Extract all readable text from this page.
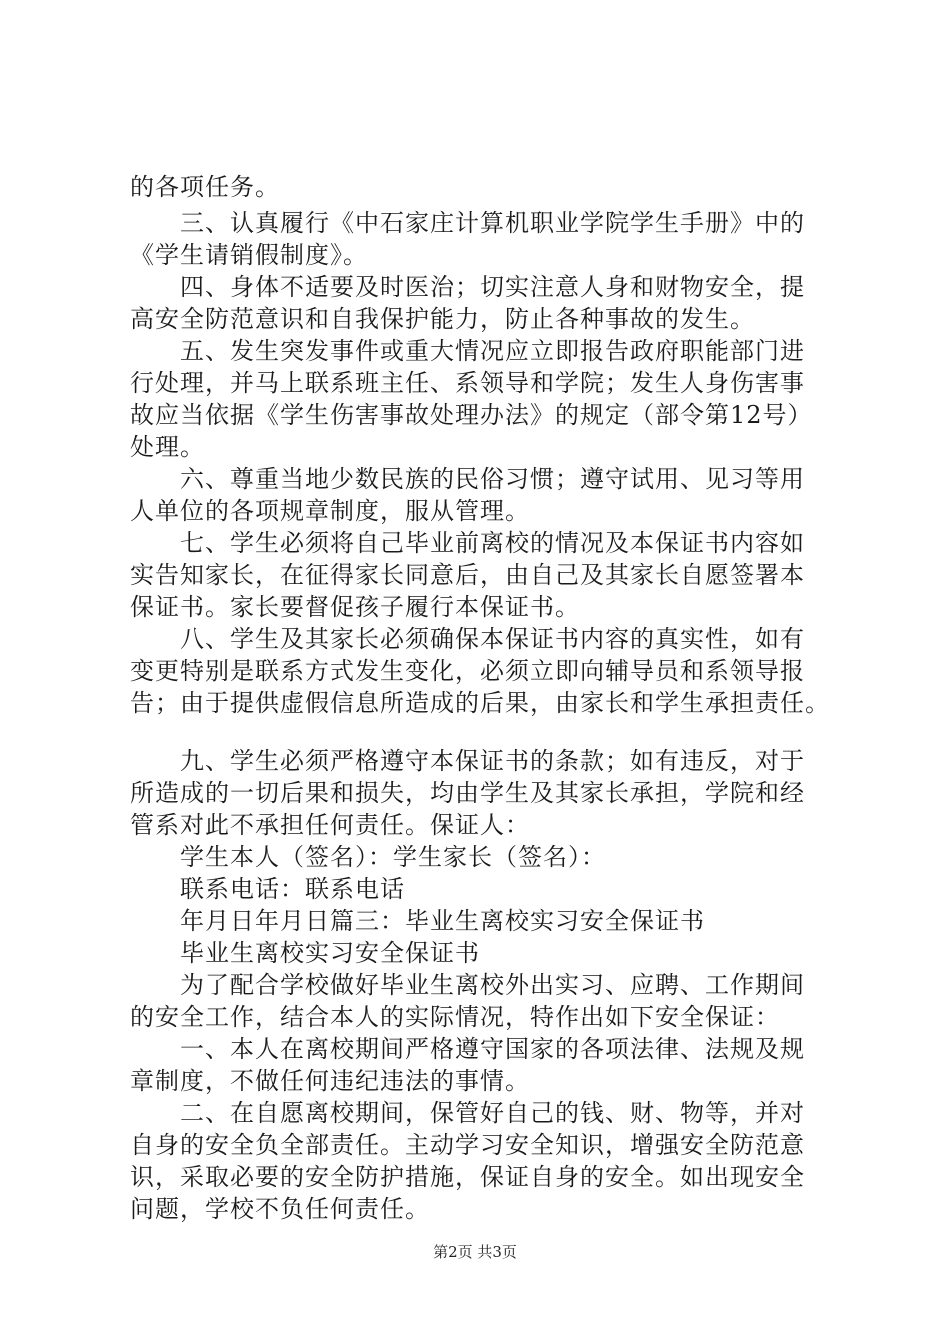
的各项任务。
　　三、认真履行《中石家庄计算机职业学院学生手册》中的
《学生请销假制度》。
　　四、身体不适要及时医治；切实注意人身和财物安全，提
高安全防范意识和自我保护能力，防止各种事故的发生。
　　五、发生突发事件或重大情况应立即报告政府职能部门进
行处理，并马上联系班主任、系领导和学院；发生人身伤害事
故应当依据《学生伤害事故处理办法》的规定（部令第12号）
处理。
　　六、尊重当地少数民族的民俗习惯；遵守试用、见习等用
人单位的各项规章制度，服从管理。
　　七、学生必须将自己毕业前离校的情况及本保证书内容如
实告知家长，在征得家长同意后，由自己及其家长自愿签署本
保证书。家长要督促孩子履行本保证书。
　　八、学生及其家长必须确保本保证书内容的真实性，如有
变更特别是联系方式发生变化，必须立即向辅导员和系领导报
告；由于提供虚假信息所造成的后果，由家长和学生承担责任。
　　九、学生必须严格遵守本保证书的条款；如有违反，对于
所造成的一切后果和损失，均由学生及其家长承担，学院和经
管系对此不承担任何责任。保证人：
　　学生本人（签名）：学生家长（签名）：
　　联系电话：联系电话
　　年月日年月日篇三：毕业生离校实习安全保证书
　　毕业生离校实习安全保证书
　　为了配合学校做好毕业生离校外出实习、应聘、工作期间
的安全工作，结合本人的实际情况，特作出如下安全保证：
　　一、本人在离校期间严格遵守国家的各项法律、法规及规
章制度，不做任何违纪违法的事情。
　　二、在自愿离校期间，保管好自己的钱、财、物等，并对
自身的安全负全部责任。主动学习安全知识，增强安全防范意
识，采取必要的安全防护措施，保证自身的安全。如出现安全
问题，学校不负任何责任。
第2页 共3页
